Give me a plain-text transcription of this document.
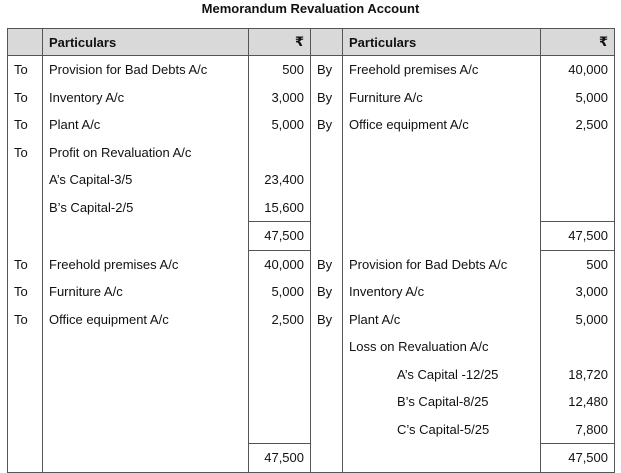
Memorandum Revaluation Account
	Particulars	₹		Particulars	₹
To	Provision for Bad Debts A/c	500	By	Freehold premises A/c	40,000
To	Inventory A/c	3,000	By	Furniture A/c	5,000
To	Plant A/c	5,000	By	Office equipment A/c	2,500
To	Profit on Revaluation A/c				
	A’s Capital-3/5	23,400			
	B’s Capital-2/5	15,600			
		47,500			47,500
To	Freehold premises A/c	40,000	By	Provision for Bad Debts A/c	500
To	Furniture A/c	5,000	By	Inventory A/c	3,000
To	Office equipment A/c	2,500	By	Plant A/c	5,000
				Loss on Revaluation A/c	
				A’s Capital -12/25	18,720
				B’s Capital-8/25	12,480
				C’s Capital-5/25	7,800
		47,500			47,500
